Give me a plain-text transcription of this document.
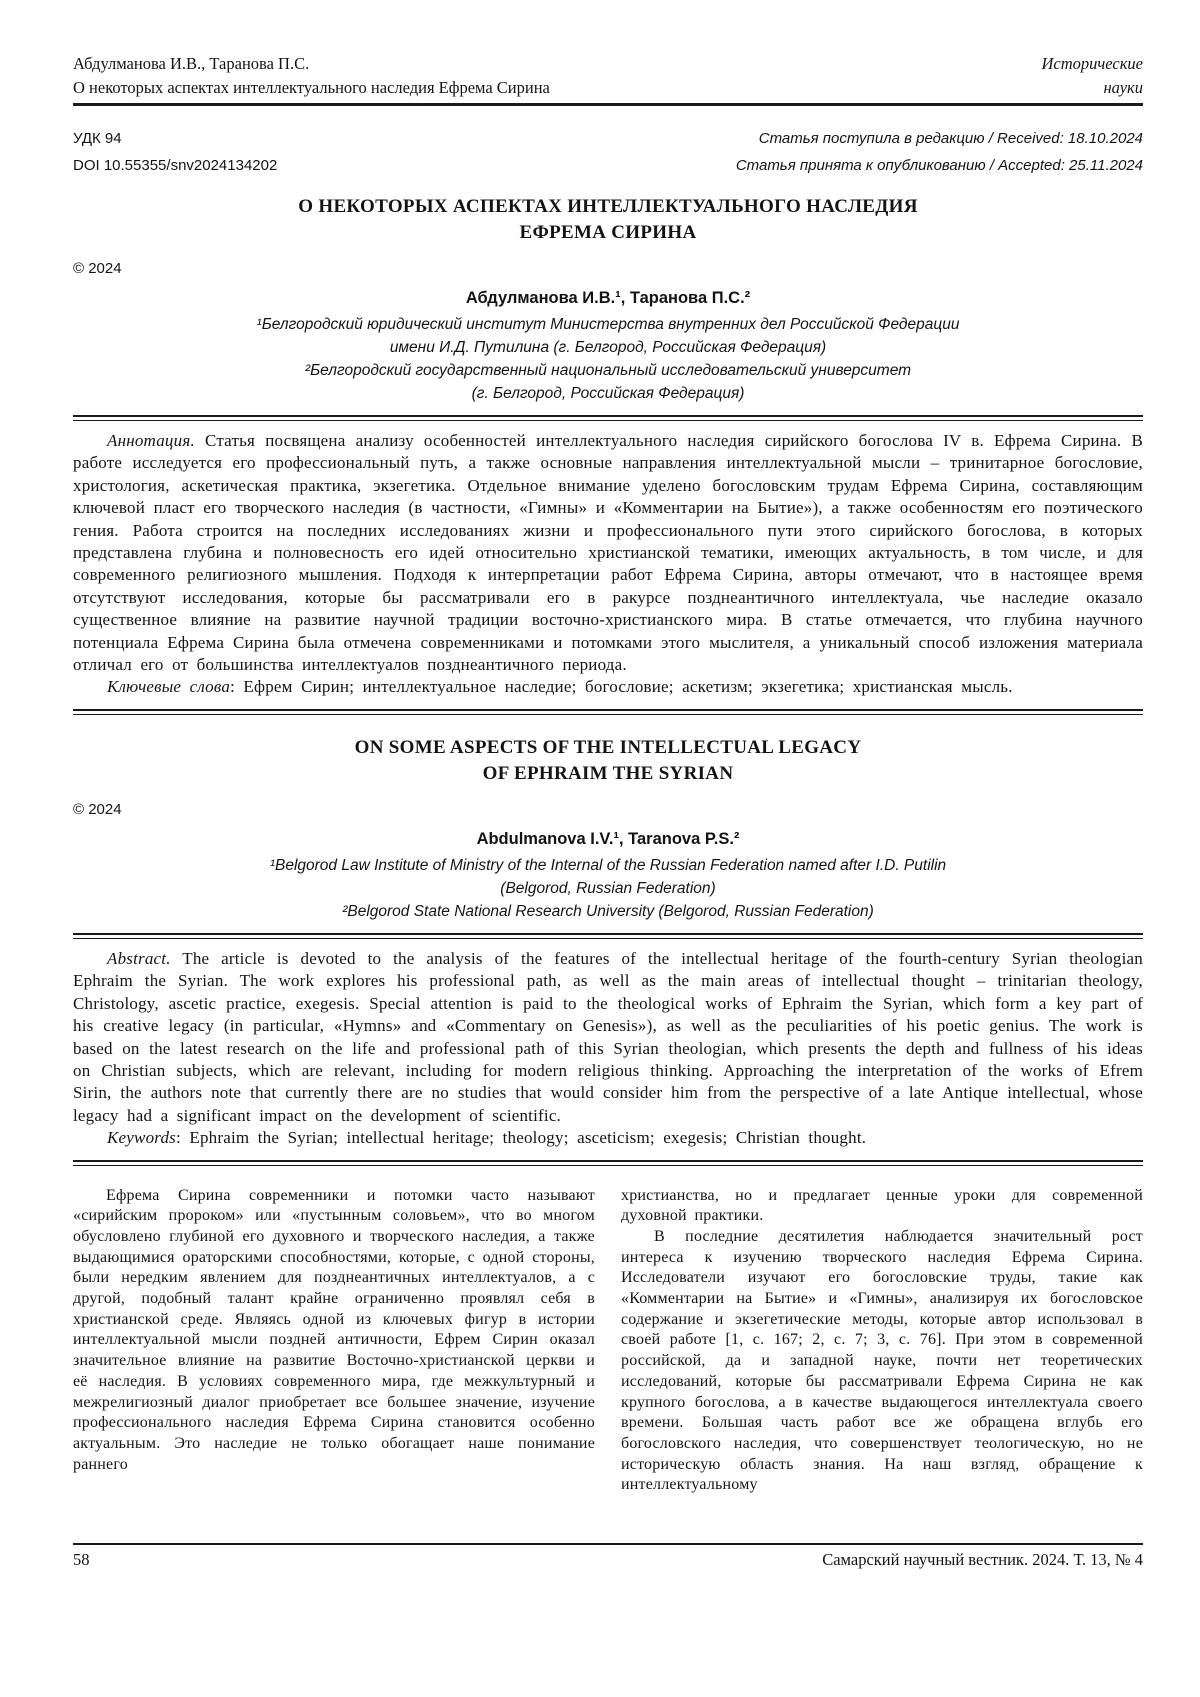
Абдулманова И.В., Таранова П.С.
О некоторых аспектах интеллектуального наследия Ефрема Сирина
Исторические
науки
УДК 94	Статья поступила в редакцию / Received: 18.10.2024
DOI 10.55355/snv2024134202	Статья принята к опубликованию / Accepted: 25.11.2024
О НЕКОТОРЫХ АСПЕКТАХ ИНТЕЛЛЕКТУАЛЬНОГО НАСЛЕДИЯ
ЕФРЕМА СИРИНА
© 2024
Абдулманова И.В.¹, Таранова П.С.²
¹Белгородский юридический институт Министерства внутренних дел Российской Федерации
имени И.Д. Путилина (г. Белгород, Российская Федерация)
²Белгородский государственный национальный исследовательский университет
(г. Белгород, Российская Федерация)

Аннотация. Статья посвящена анализу особенностей интеллектуального наследия сирийского богослова IV в. Ефрема Сирина. В работе исследуется его профессиональный путь, а также основные направления интеллектуальной мысли – тринитарное богословие, христология, аскетическая практика, экзегетика. Отдельное внимание уделено богословским трудам Ефрема Сирина, составляющим ключевой пласт его творческого наследия (в частности, «Гимны» и «Комментарии на Бытие»), а также особенностям его поэтического гения. Работа строится на последних исследованиях жизни и профессионального пути этого сирийского богослова, в которых представлена глубина и полновесность его идей относительно христианской тематики, имеющих актуальность, в том числе, и для современного религиозного мышления. Подходя к интерпретации работ Ефрема Сирина, авторы отмечают, что в настоящее время отсутствуют исследования, которые бы рассматривали его в ракурсе позднеантичного интеллектуала, чье наследие оказало существенное влияние на развитие научной традиции восточно-христианского мира. В статье отмечается, что глубина научного потенциала Ефрема Сирина была отмечена современниками и потомками этого мыслителя, а уникальный способ изложения материала отличал его от большинства интеллектуалов позднеантичного периода.

Ключевые слова: Ефрем Сирин; интеллектуальное наследие; богословие; аскетизм; экзегетика; христианская мысль.

ON SOME ASPECTS OF THE INTELLECTUAL LEGACY
OF EPHRAIM THE SYRIAN
© 2024
Abdulmanova I.V.¹, Taranova P.S.²
¹Belgorod Law Institute of Ministry of the Internal of the Russian Federation named after I.D. Putilin
(Belgorod, Russian Federation)
²Belgorod State National Research University (Belgorod, Russian Federation)

Abstract. The article is devoted to the analysis of the features of the intellectual heritage of the fourth-century Syrian theologian Ephraim the Syrian. The work explores his professional path, as well as the main areas of intellectual thought – trinitarian theology, Christology, ascetic practice, exegesis. Special attention is paid to the theological works of Ephraim the Syrian, which form a key part of his creative legacy (in particular, «Hymns» and «Commentary on Genesis»), as well as the peculiarities of his poetic genius. The work is based on the latest research on the life and professional path of this Syrian theologian, which presents the depth and fullness of his ideas on Christian subjects, which are relevant, including for modern religious thinking. Approaching the interpretation of the works of Efrem Sirin, the authors note that currently there are no studies that would consider him from the perspective of a late Antique intellectual, whose legacy had a significant impact on the development of scientific.

Keywords: Ephraim the Syrian; intellectual heritage; theology; asceticism; exegesis; Christian thought.

Ефрема Сирина современники и потомки часто называют «сирийским пророком» или «пустынным соловьем», что во многом обусловлено глубиной его духовного и творческого наследия, а также выдающимися ораторскими способностями, которые, с одной стороны, были нередким явлением для позднеантичных интеллектуалов, а с другой, подобный талант крайне ограниченно проявлял себя в христианской среде. Являясь одной из ключевых фигур в истории интеллектуальной мысли поздней античности, Ефрем Сирин оказал значительное влияние на развитие Восточно-христианской церкви и её наследия. В условиях современного мира, где межкультурный и межрелигиозный диалог приобретает все большее значение, изучение профессионального наследия Ефрема Сирина становится особенно актуальным. Это наследие не только обогащает наше понимание раннего

христианства, но и предлагает ценные уроки для современной духовной практики.

В последние десятилетия наблюдается значительный рост интереса к изучению творческого наследия Ефрема Сирина. Исследователи изучают его богословские труды, такие как «Комментарии на Бытие» и «Гимны», анализируя их богословское содержание и экзегетические методы, которые автор использовал в своей работе [1, с. 167; 2, с. 7; 3, с. 76]. При этом в современной российской, да и западной науке, почти нет теоретических исследований, которые бы рассматривали Ефрема Сирина не как крупного богослова, а в качестве выдающегося интеллектуала своего времени. Большая часть работ все же обращена вглубь его богословского наследия, что совершенствует теологическую, но не историческую область знания. На наш взгляд, обращение к интеллектуальному

58	Самарский научный вестник. 2024. Т. 13, № 4
